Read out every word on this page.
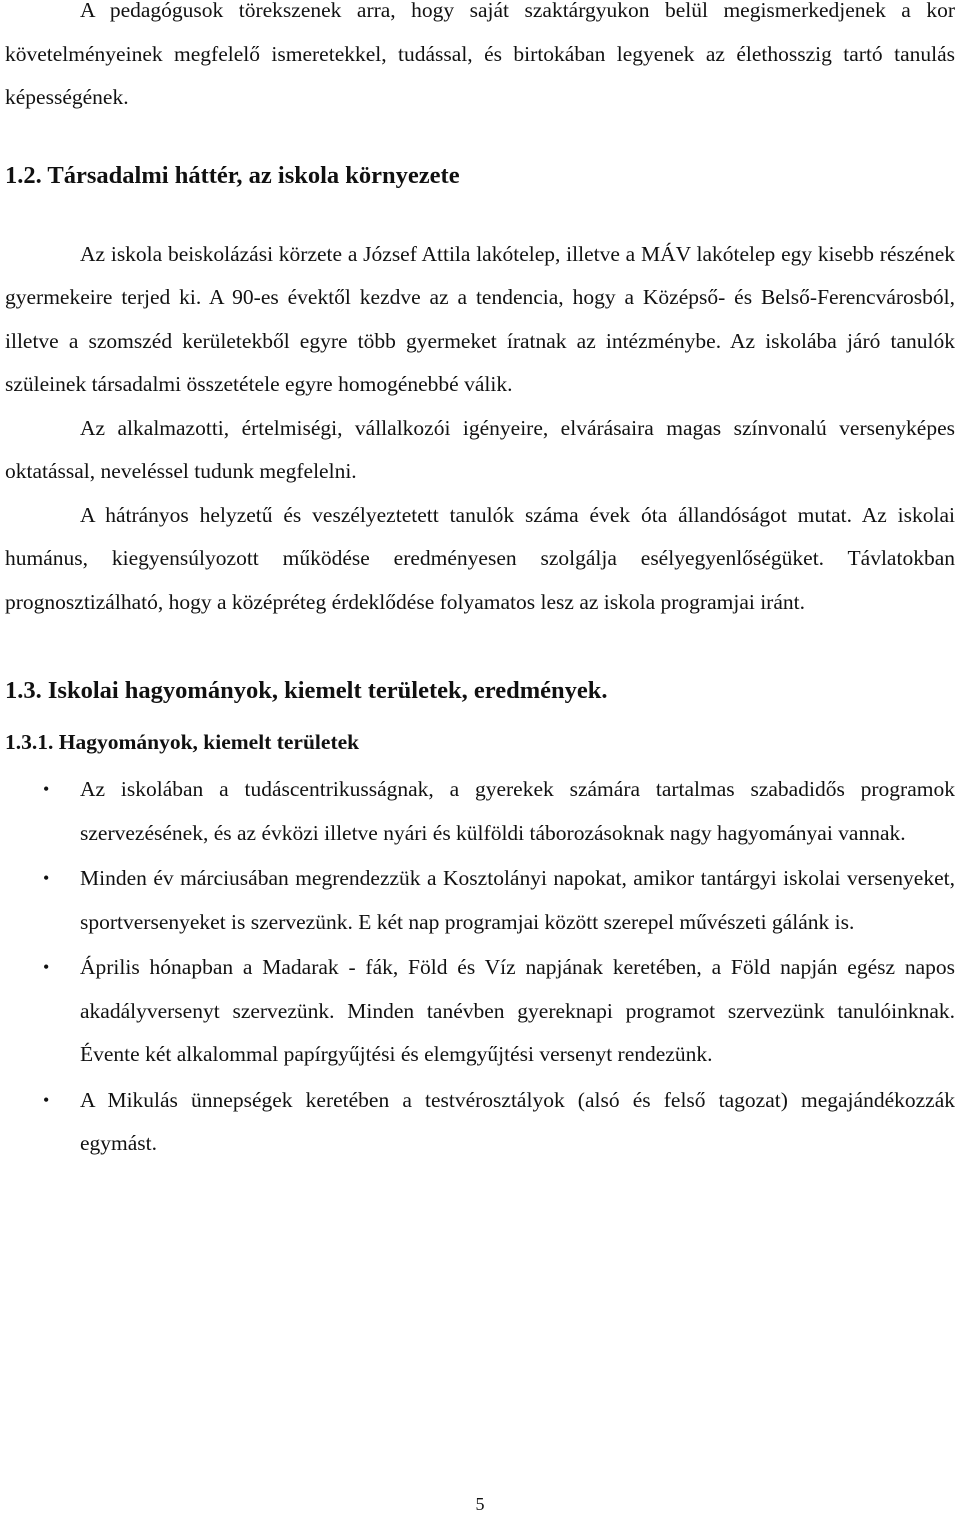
A pedagógusok törekszenek arra, hogy saját szaktárgyukon belül megismerkedjenek a kor követelményeinek megfelelő ismeretekkel, tudással, és birtokában legyenek az élethosszig tartó tanulás képességének.

1.2. Társadalmi háttér, az iskola környezete

Az iskola beiskolázási körzete a József Attila lakótelep, illetve a MÁV lakótelep egy kisebb részének gyermekeire terjed ki. A 90-es évektől kezdve az a tendencia, hogy a Középső- és Belső-Ferencvárosból, illetve a szomszéd kerületekből egyre több gyermeket íratnak az intézménybe. Az iskolába járó tanulók szüleinek társadalmi összetétele egyre homogénebbé válik.

Az alkalmazotti, értelmiségi, vállalkozói igényeire, elvárásaira magas színvonalú versenyképes oktatással, neveléssel tudunk megfelelni.

A hátrányos helyzetű és veszélyeztetett tanulók száma évek óta állandóságot mutat. Az iskolai humánus, kiegyensúlyozott működése eredményesen szolgálja esélyegyenlőségüket. Távlatokban prognosztizálható, hogy a középréteg érdeklődése folyamatos lesz az iskola programjai iránt.

1.3. Iskolai hagyományok, kiemelt területek, eredmények.
1.3.1. Hagyományok, kiemelt területek
• Az iskolában a tudáscentrikusságnak, a gyerekek számára tartalmas szabadidős programok szervezésének, és az évközi illetve nyári és külföldi táborozásoknak nagy hagyományai vannak.
• Minden év márciusában megrendezzük a Kosztolányi napokat, amikor tantárgyi iskolai versenyeket, sportversenyeket is szervezünk. E két nap programjai között szerepel művészeti gálánk is.
• Április hónapban a Madarak - fák, Föld és Víz napjának keretében, a Föld napján egész napos akadályversenyt szervezünk. Minden tanévben gyereknapi programot szervezünk tanulóinknak. Évente két alkalommal papírgyűjtési és elemgyűjtési versenyt rendezünk.
• A Mikulás ünnepségek keretében a testvérosztályok (alsó és felső tagozat) megajándékozzák egymást.
5
